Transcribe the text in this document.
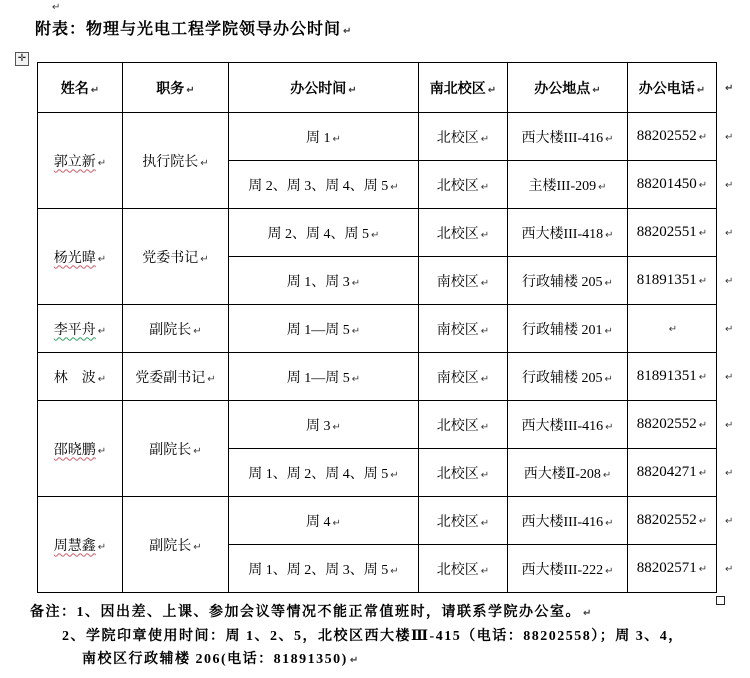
↵
附表：物理与光电工程学院领导办公时间 ↵
✛
姓名 ↵	职务 ↵	办公时间 ↵	南北校区 ↵	办公地点 ↵	办公电话 ↵	↵
郭立新 ↵	执行院长 ↵	周 1 ↵	北校区 ↵	西大楼III-416 ↵	88202552 ↵	↵
		周 2、周 3、周 4、周 5 ↵	北校区 ↵	主楼III-209 ↵	88201450 ↵	↵
杨光暐 ↵	党委书记 ↵	周 2、周 4、周 5 ↵	北校区 ↵	西大楼III-418 ↵	88202551 ↵	↵
		周 1、周 3 ↵	南校区 ↵	行政辅楼 205 ↵	81891351 ↵	↵
李平舟 ↵	副院长 ↵	周 1—周 5 ↵	南校区 ↵	行政辅楼 201 ↵	↵	↵
林　波 ↵	党委副书记 ↵	周 1—周 5 ↵	南校区 ↵	行政辅楼 205 ↵	81891351 ↵	↵
邵晓鹏 ↵	副院长 ↵	周 3 ↵	北校区 ↵	西大楼III-416 ↵	88202552 ↵	↵
		周 1、周 2、周 4、周 5 ↵	北校区 ↵	西大楼Ⅱ-208 ↵	88204271 ↵	↵
周慧鑫 ↵	副院长 ↵	周 4 ↵	北校区 ↵	西大楼III-416 ↵	88202552 ↵	↵
		周 1、周 2、周 3、周 5 ↵	北校区 ↵	西大楼III-222 ↵	88202571 ↵	↵
备注：1、因出差、上课、参加会议等情况不能正常值班时，请联系学院办公室。 ↵
2、学院印章使用时间：周 1、2、5，北校区西大楼Ⅲ-415（电话：88202558）；周 3、4，
南校区行政辅楼 206(电话：81891350) ↵
